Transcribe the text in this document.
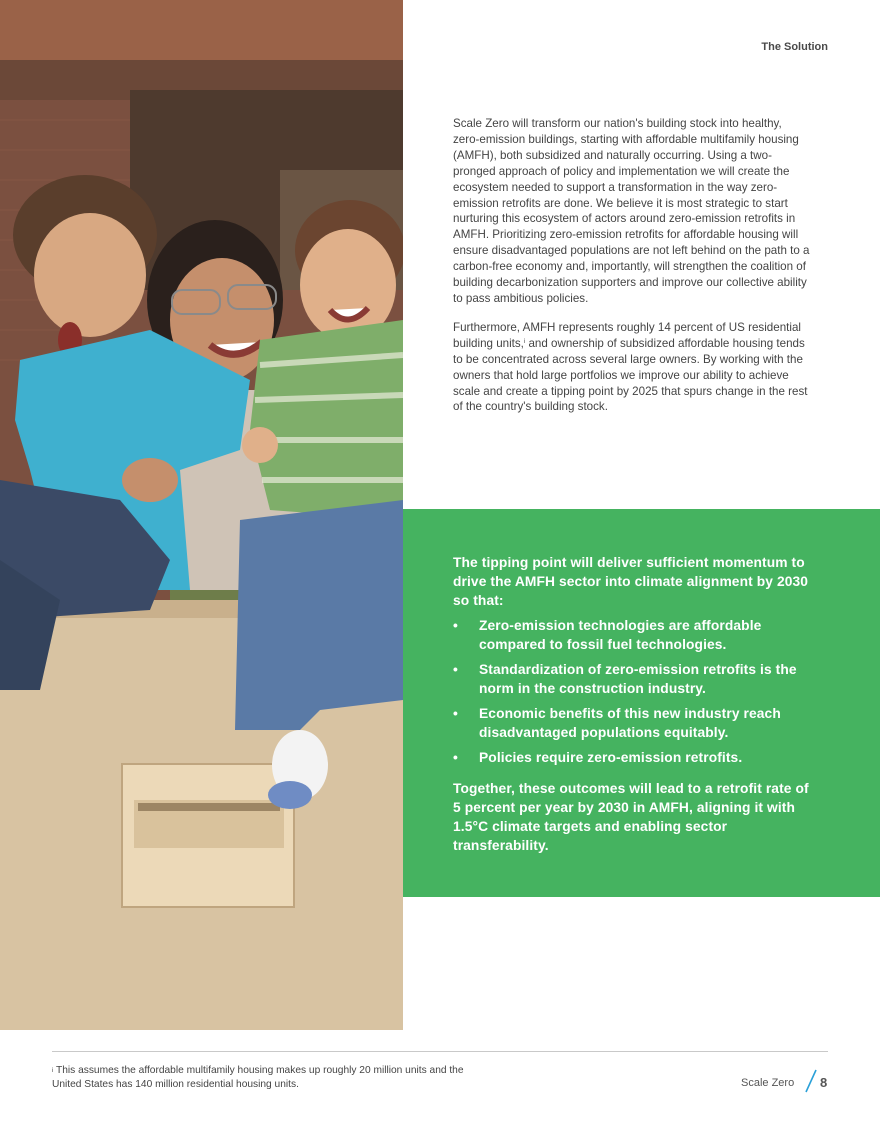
The Solution

Scale Zero will transform our nation's building stock into healthy, zero-emission buildings, starting with affordable multifamily housing (AMFH), both subsidized and naturally occurring. Using a two-pronged approach of policy and implementation we will create the ecosystem needed to support a transformation in the way zero-emission retrofits are done. We believe it is most strategic to start nurturing this ecosystem of actors around zero-emission retrofits in AMFH. Prioritizing zero-emission retrofits for affordable housing will ensure disadvantaged populations are not left behind on the path to a carbon-free economy and, importantly, will strengthen the coalition of building decarbonization supporters and improve our collective ability to pass ambitious policies.

Furthermore, AMFH represents roughly 14 percent of US residential building units,$^i$ and ownership of subsidized affordable housing tends to be concentrated across several large owners. By working with the owners that hold large portfolios we improve our ability to achieve scale and create a tipping point by 2025 that spurs change in the rest of the country's building stock.

The tipping point will deliver sufficient momentum to drive the AMFH sector into climate alignment by 2030 so that:

• Zero-emission technologies are affordable compared to fossil fuel technologies.
• Standardization of zero-emission retrofits is the norm in the construction industry.
• Economic benefits of this new industry reach disadvantaged populations equitably.
• Policies require zero-emission retrofits.

Together, these outcomes will lead to a retrofit rate of 5 percent per year by 2030 in AMFH, aligning it with 1.5°C climate targets and enabling sector transferability.

$^i$ This assumes the affordable multifamily housing makes up roughly 20 million units and the United States has 140 million residential housing units.	Scale Zero 8
